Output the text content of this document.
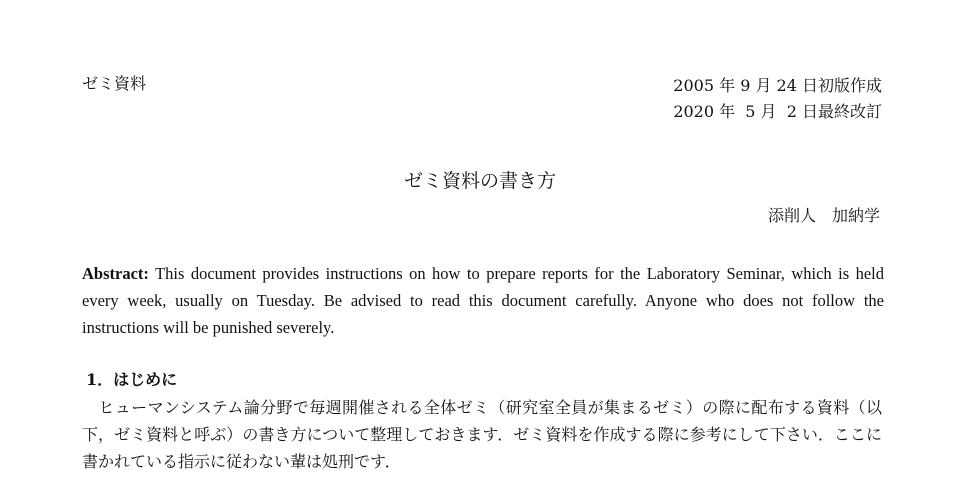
ゼミ資料	2005 年 9 月 24 日初版作成
2020 年  5 月  2 日最終改訂
ゼミ資料の書き方
添削人　加納学
Abstract: This document provides instructions on how to prepare reports for the Laboratory Seminar, which is held every week, usually on Tuesday. Be advised to read this document carefully. Anyone who does not follow the instructions will be punished severely.
1．はじめに
　ヒューマンシステム論分野で毎週開催される全体ゼミ（研究室全員が集まるゼミ）の際に配布する資料（以下，ゼミ資料と呼ぶ）の書き方について整理しておきます．ゼミ資料を作成する際に参考にして下さい．ここに書かれている指示に従わない輩は処刑です．
